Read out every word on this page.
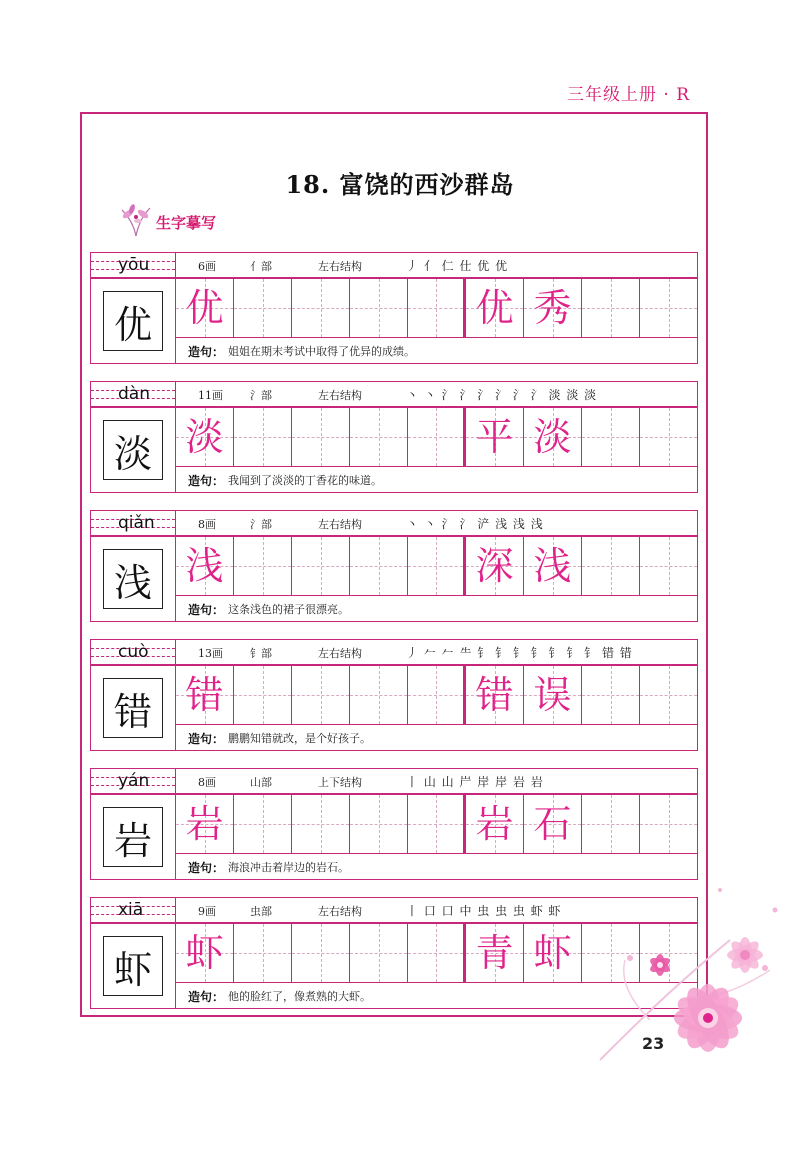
三年级上册 · R
18. 富饶的西沙群岛
生字摹写
yōu	6画	亻部	左右结构	丿 亻 仁 仕 优 优
优 优	优 秀
造句： 姐姐在期末考试中取得了优异的成绩。
dàn	11画 氵部	左右结构	丶 丶 氵 氵 氵 氵 氵 氵 淡 淡 淡
淡 淡	平 淡
造句： 我闻到了淡淡的丁香花的味道。
qiǎn	8画	氵部	左右结构	丶 丶 氵 氵 浐 浅 浅 浅
浅 浅	深 浅
造句： 这条浅色的裙子很漂亮。
cuò	13画 钅部	左右结构	丿 𠂉 𠂉 ⺧ 钅 钅 钅 钅 钅 钅 钅 错 错
错 错	错 误
造句： 鹏鹏知错就改，是个好孩子。
yán	8画	山部	上下结构	丨 山 山 屵 岸 岸 岩 岩
岩 岩	岩 石
造句： 海浪冲击着岸边的岩石。
xiā	9画	虫部	左右结构	丨 口 口 中 虫 虫 虫 虾 虾
虾 虾	青 虾
造句： 他的脸红了，像煮熟的大虾。
23
